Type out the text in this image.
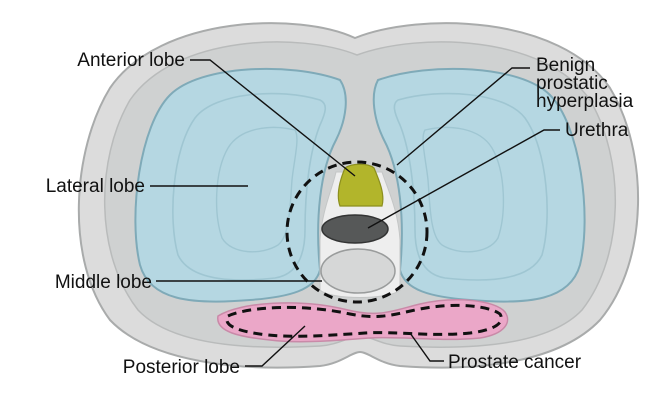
Anterior lobe
Lateral lobe
Middle lobe
Posterior lobe
Benign
prostatic
hyperplasia
Urethra
Prostate cancer
